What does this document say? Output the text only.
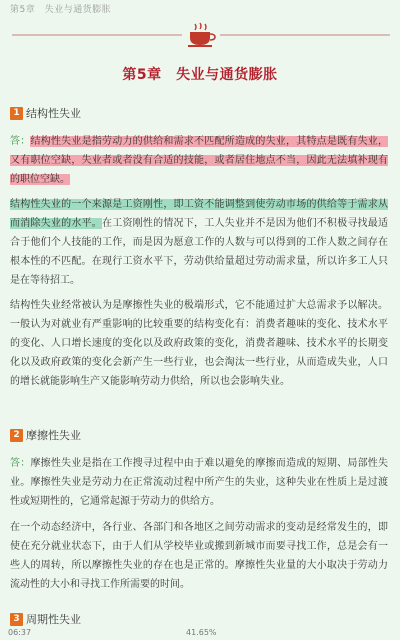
第5章　失业与通货膨胀
第5章　失业与通货膨胀
1 结构性失业

答：结构性失业是指劳动力的供给和需求不匹配所造成的失业，其特点是既有失业，又有职位空缺，失业者或者没有合适的技能，或者居住地点不当，因此无法填补现有的职位空缺。

结构性失业的一个来源是工资刚性，即工资不能调整到使劳动市场的供给等于需求从而消除失业的水平。在工资刚性的情况下，工人失业并不是因为他们不积极寻找最适合于他们个人技能的工作，而是因为愿意工作的人数与可以得到的工作人数之间存在根本性的不匹配。在现行工资水平下，劳动供给量超过劳动需求量，所以许多工人只是在等待招工。

结构性失业经常被认为是摩擦性失业的极端形式，它不能通过扩大总需求予以解决。一般认为对就业有严重影响的比较重要的结构变化有：消费者趣味的变化、技术水平的变化、人口增长速度的变化以及政府政策的变化，消费者趣味、技术水平的长期变化以及政府政策的变化会新产生一些行业，也会淘汰一些行业，从而造成失业，人口的增长就能影响生产又能影响劳动力供给，所以也会影响失业。

2 摩擦性失业

答：摩擦性失业是指在工作搜寻过程中由于难以避免的摩擦而造成的短期、局部性失业。摩擦性失业是劳动力在正常流动过程中所产生的失业，这种失业在性质上是过渡性或短期性的，它通常起源于劳动力的供给方。

在一个动态经济中，各行业、各部门和各地区之间劳动需求的变动是经常发生的，即使在充分就业状态下，由于人们从学校毕业或搬到新城市而要寻找工作，总是会有一些人的周转，所以摩擦性失业的存在也是正常的。摩擦性失业量的大小取决于劳动力流动性的大小和寻找工作所需要的时间。

3 周期性失业
06:37	41.65%
